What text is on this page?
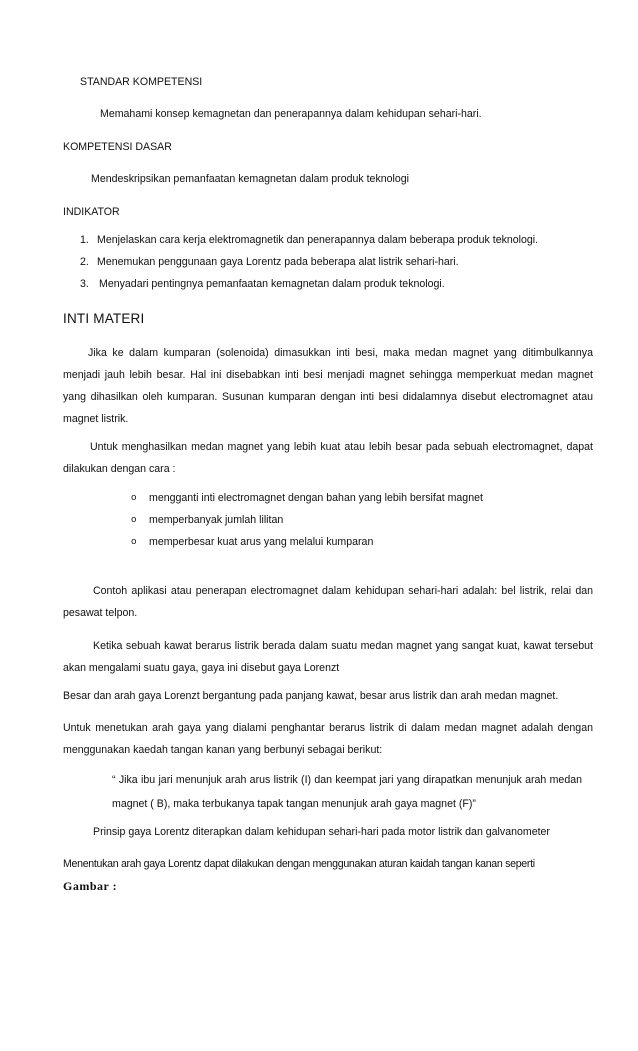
STANDAR KOMPETENSI
Memahami konsep kemagnetan dan penerapannya dalam kehidupan sehari-hari.
KOMPETENSI DASAR
Mendeskripsikan pemanfaatan kemagnetan dalam produk teknologi
INDIKATOR
1. Menjelaskan cara kerja elektromagnetik dan penerapannya dalam beberapa produk teknologi.
2. Menemukan penggunaan gaya Lorentz pada beberapa alat listrik sehari-hari.
3. Menyadari pentingnya pemanfaatan kemagnetan dalam produk teknologi.
INTI MATERI

Jika ke dalam kumparan (solenoida) dimasukkan inti besi, maka medan magnet yang ditimbulkannya menjadi jauh lebih besar. Hal ini disebabkan inti besi menjadi magnet sehingga memperkuat medan magnet yang dihasilkan oleh kumparan. Susunan kumparan dengan inti besi didalamnya disebut electromagnet atau magnet listrik.

Untuk menghasilkan medan magnet yang lebih kuat atau lebih besar pada sebuah electromagnet, dapat dilakukan dengan cara :

o mengganti inti electromagnet dengan bahan yang lebih bersifat magnet
o memperbanyak jumlah lilitan
o memperbesar kuat arus yang melalui kumparan

Contoh aplikasi atau penerapan electromagnet dalam kehidupan sehari-hari adalah: bel listrik, relai dan pesawat telpon.

Ketika sebuah kawat berarus listrik berada dalam suatu medan magnet yang sangat kuat, kawat tersebut akan mengalami suatu gaya, gaya ini disebut gaya Lorenzt

Besar dan arah gaya Lorenzt bergantung pada panjang kawat, besar arus listrik dan arah medan magnet.

Untuk menetukan arah gaya yang dialami penghantar berarus listrik di dalam medan magnet adalah dengan menggunakan kaedah tangan kanan yang berbunyi sebagai berikut:

“ Jika ibu jari menunjuk arah arus listrik (I) dan keempat jari yang dirapatkan menunjuk arah medan magnet ( B), maka terbukanya tapak tangan menunjuk arah gaya magnet (F)”

Prinsip gaya Lorentz diterapkan dalam kehidupan sehari-hari pada motor listrik dan galvanometer
Menentukan arah gaya Lorentz dapat dilakukan dengan menggunakan aturan kaidah tangan kanan seperti
Gambar :
